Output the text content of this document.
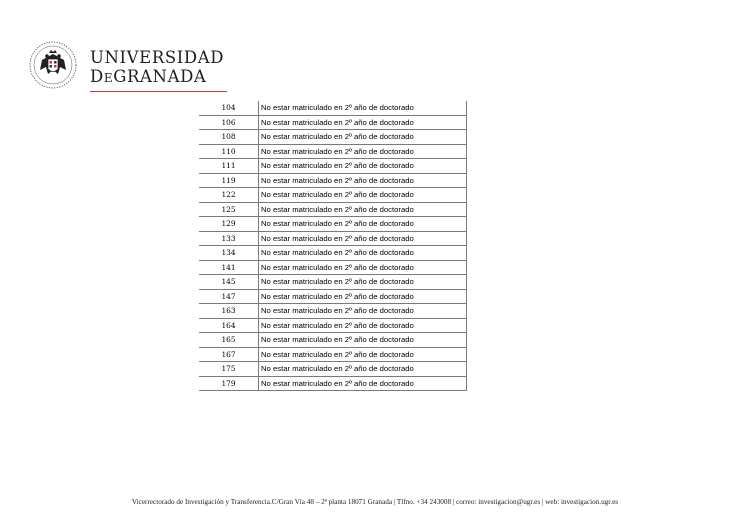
UNIVERSIDAD
DEGRANADA
104	No estar matriculado en 2º año de doctorado
106	No estar matriculado en 2º año de doctorado
108	No estar matriculado en 2º año de doctorado
110	No estar matriculado en 2º año de doctorado
111	No estar matriculado en 2º año de doctorado
119	No estar matriculado en 2º año de doctorado
122	No estar matriculado en 2º año de doctorado
125	No estar matriculado en 2º año de doctorado
129	No estar matriculado en 2º año de doctorado
133	No estar matriculado en 2º año de doctorado
134	No estar matriculado en 2º año de doctorado
141	No estar matriculado en 2º año de doctorado
145	No estar matriculado en 2º año de doctorado
147	No estar matriculado en 2º año de doctorado
163	No estar matriculado en 2º año de doctorado
164	No estar matriculado en 2º año de doctorado
165	No estar matriculado en 2º año de doctorado
167	No estar matriculado en 2º año de doctorado
175	No estar matriculado en 2º año de doctorado
179	No estar matriculado en 2º año de doctorado
Vicerrectorado de Investigación y Transferencia.C/Gran Vía 48 – 2ª planta 18071 Granada | Tlfno. +34 243008 | correo: investigacion@ugr.es | web: investigacion.ugr.es
